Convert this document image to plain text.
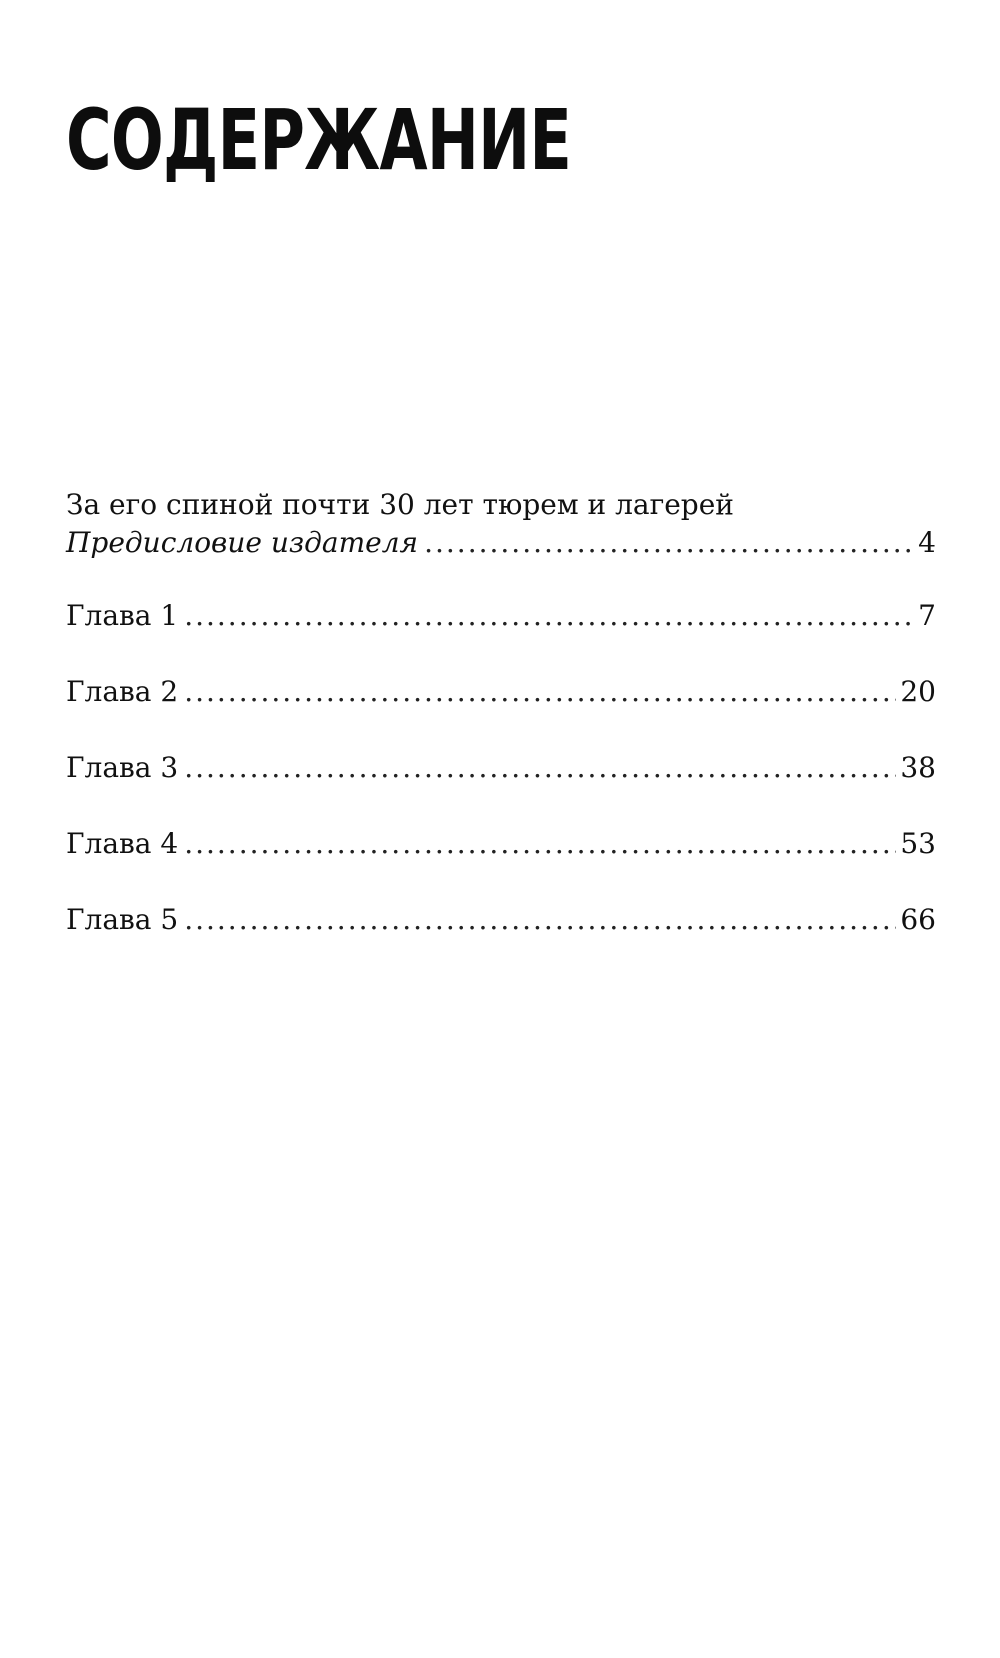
СОДЕРЖАНИЕ
За его спиной почти 30 лет тюрем и лагерей
Предисловие издателя .....	4
Глава 1 .....	7
Глава 2 .....	20
Глава 3 .....	38
Глава 4 .....	53
Глава 5 .....	66
